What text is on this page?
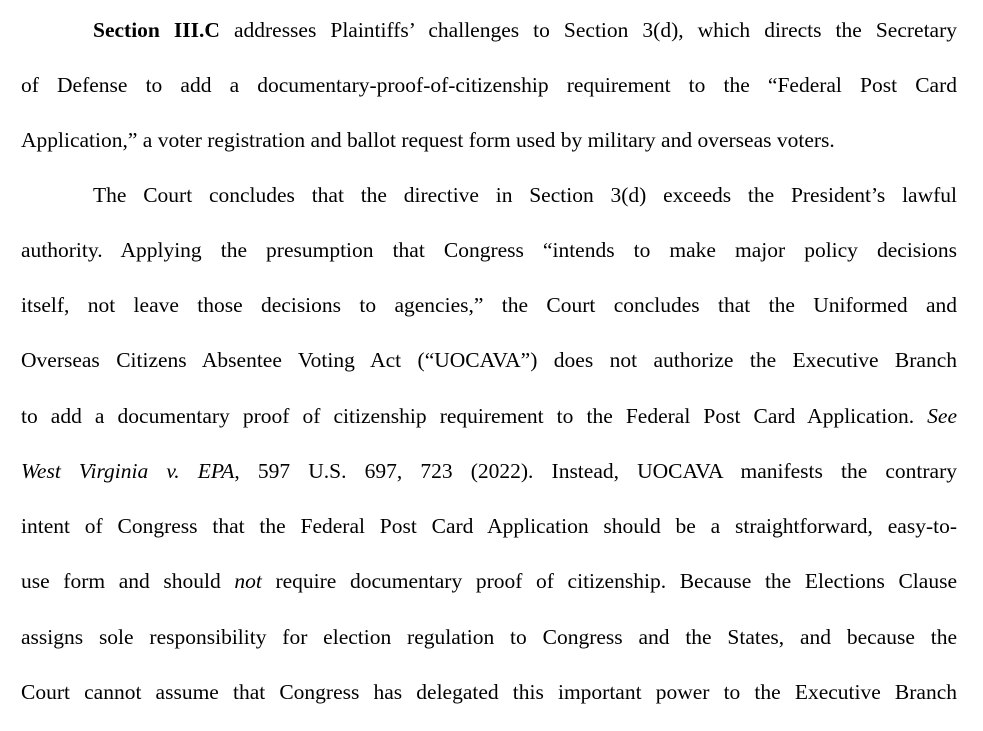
Section III.C addresses Plaintiffs’ challenges to Section 3(d), which directs the Secretary
of Defense to add a documentary-proof-of-citizenship requirement to the “Federal Post Card
Application,” a voter registration and ballot request form used by military and overseas voters.
The Court concludes that the directive in Section 3(d) exceeds the President’s lawful
authority. Applying the presumption that Congress “intends to make major policy decisions
itself, not leave those decisions to agencies,” the Court concludes that the Uniformed and
Overseas Citizens Absentee Voting Act (“UOCAVA”) does not authorize the Executive Branch
to add a documentary proof of citizenship requirement to the Federal Post Card Application. See
West Virginia v. EPA, 597 U.S. 697, 723 (2022). Instead, UOCAVA manifests the contrary
intent of Congress that the Federal Post Card Application should be a straightforward, easy-to-
use form and should not require documentary proof of citizenship. Because the Elections Clause
assigns sole responsibility for election regulation to Congress and the States, and because the
Court cannot assume that Congress has delegated this important power to the Executive Branch
